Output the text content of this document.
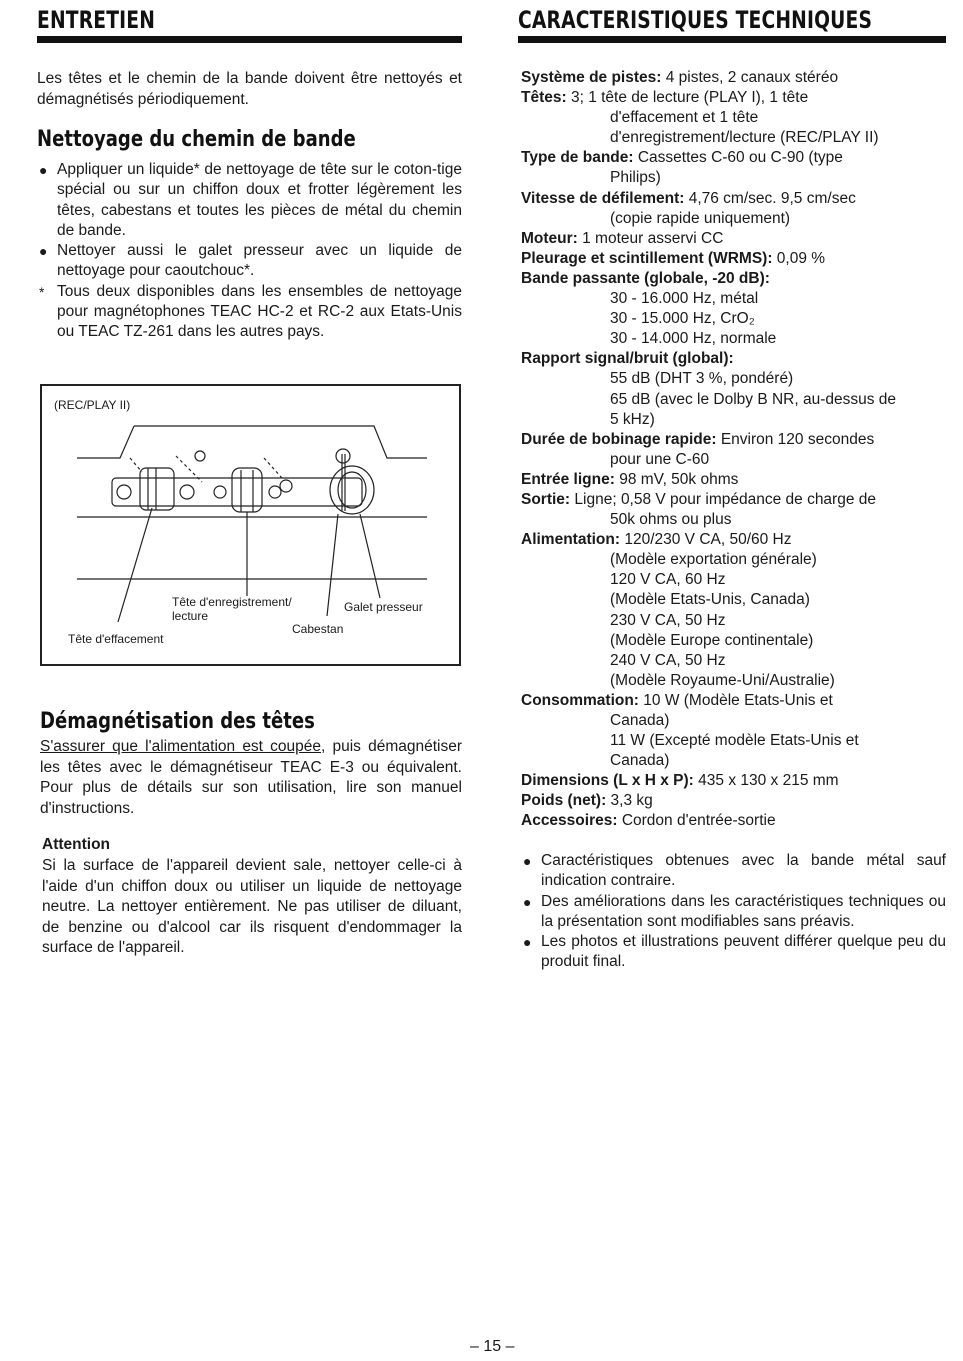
ENTRETIEN

Les têtes et le chemin de la bande doivent être nettoyés et démagnétisés périodiquement.

Nettoyage du chemin de bande
● Appliquer un liquide* de nettoyage de tête sur le coton-tige spécial ou sur un chiffon doux et frotter légèrement les têtes, cabestans et toutes les pièces de métal du chemin de bande.
● Nettoyer aussi le galet presseur avec un liquide de nettoyage pour caoutchouc*.
* Tous deux disponibles dans les ensembles de nettoyage pour magnétophones TEAC HC-2 et RC-2 aux Etats-Unis ou TEAC TZ-261 dans les autres pays.
(REC/PLAY II)
Tête d'enregistrement/
lecture
Galet presseur
Cabestan
Tête d'effacement
Démagnétisation des têtes

S'assurer que l'alimentation est coupée, puis démagnétiser les têtes avec le démagnétiseur TEAC E-3 ou équivalent. Pour plus de détails sur son utilisation, lire son manuel d'instructions.

Attention

Si la surface de l'appareil devient sale, nettoyer celle-ci à l'aide d'un chiffon doux ou utiliser un liquide de nettoyage neutre. La nettoyer entièrement. Ne pas utiliser de diluant, de benzine ou d'alcool car ils risquent d'endommager la surface de l'appareil.

CARACTERISTIQUES TECHNIQUES
Système de pistes: 4 pistes, 2 canaux stéréo
Têtes: 3; 1 tête de lecture (PLAY I), 1 tête
d'effacement et 1 tête
d'enregistrement/lecture (REC/PLAY II)
Type de bande: Cassettes C-60 ou C-90 (type
Philips)
Vitesse de défilement: 4,76 cm/sec. 9,5 cm/sec
(copie rapide uniquement)
Moteur: 1 moteur asservi CC
Pleurage et scintillement (WRMS): 0,09 %
Bande passante (globale, -20 dB):
30 - 16.000 Hz, métal
30 - 15.000 Hz, CrO₂
30 - 14.000 Hz, normale
Rapport signal/bruit (global):
55 dB (DHT 3 %, pondéré)
65 dB (avec le Dolby B NR, au-dessus de
5 kHz)
Durée de bobinage rapide: Environ 120 secondes
pour une C-60
Entrée ligne: 98 mV, 50k ohms
Sortie: Ligne; 0,58 V pour impédance de charge de
50k ohms ou plus
Alimentation: 120/230 V CA, 50/60 Hz
(Modèle exportation générale)
120 V CA, 60 Hz
(Modèle Etats-Unis, Canada)
230 V CA, 50 Hz
(Modèle Europe continentale)
240 V CA, 50 Hz
(Modèle Royaume-Uni/Australie)
Consommation: 10 W (Modèle Etats-Unis et
Canada)
11 W (Excepté modèle Etats-Unis et
Canada)
Dimensions (L x H x P): 435 x 130 x 215 mm
Poids (net): 3,3 kg
Accessoires: Cordon d'entrée-sortie
● Caractéristiques obtenues avec la bande métal sauf indication contraire.
● Des améliorations dans les caractéristiques techniques ou la présentation sont modifiables sans préavis.
● Les photos et illustrations peuvent différer quelque peu du produit final.
– 15 –
